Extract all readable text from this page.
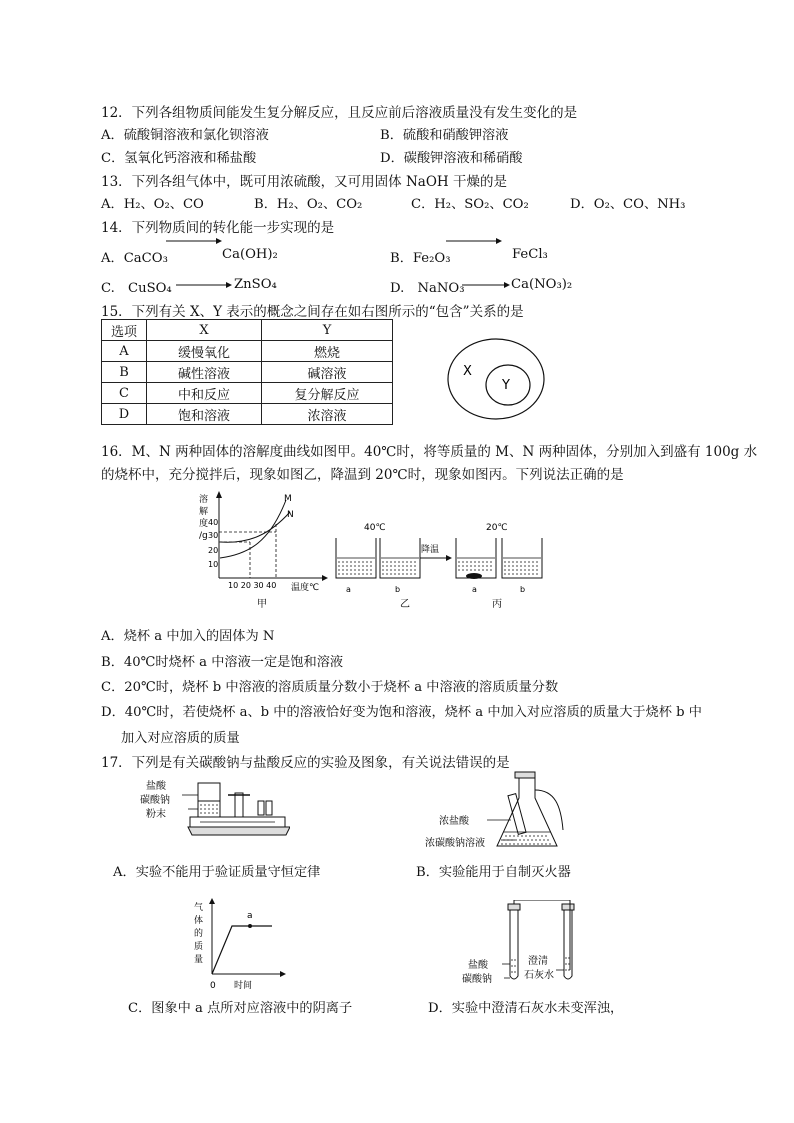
12．下列各组物质间能发生复分解反应，且反应前后溶液质量没有发生变化的是
A．硫酸铜溶液和氯化钡溶液	B．硫酸和硝酸钾溶液
C．氢氧化钙溶液和稀盐酸	D．碳酸钾溶液和稀硝酸
13．下列各组气体中，既可用浓硫酸，又可用固体 NaOH 干燥的是
A．H₂、O₂、CO	B．H₂、O₂、CO₂	C．H₂、SO₂、CO₂	D．O₂、CO、NH₃
14．下列物质间的转化能一步实现的是
A．CaCO₃	Ca(OH)₂	B．Fe₂O₃	FeCl₃
C.　CuSO₄	ZnSO₄	D.　NaNO₃	Ca(NO₃)₂
15．下列有关 X、Y 表示的概念之间存在如右图所示的“包含”关系的是
选项	X	Y
A	缓慢氧化	燃烧
B	碱性溶液	碱溶液
C	中和反应	复分解反应
D	饱和溶液	浓溶液
X
Y
16．M、N 两种固体的溶解度曲线如图甲。40℃时，将等质量的 M、N 两种固体，分别加入到盛有 100g 水
的烧杯中，充分搅拌后，现象如图乙，降温到 20℃时，现象如图丙。下列说法正确的是
溶
解
度
/g
40
30
20
10
M
N
10 20 30 40 温度℃
甲
40℃
a	b
乙
降温
20℃
a	b
丙
A．烧杯 a 中加入的固体为 N
B．40℃时烧杯 a 中溶液一定是饱和溶液
C．20℃时，烧杯 b 中溶液的溶质质量分数小于烧杯 a 中溶液的溶质质量分数
D．40℃时，若使烧杯 a、b 中的溶液恰好变为饱和溶液，烧杯 a 中加入对应溶质的质量大于烧杯 b 中
加入对应溶质的质量
17．下列是有关碳酸钠与盐酸反应的实验及图象，有关说法错误的是
盐酸
碳酸钠
粉末
浓盐酸
浓碳酸钠溶液
A．实验不能用于验证质量守恒定律	B．实验能用于自制灭火器
气
体
的
质
量
a
0 时间
盐酸
碳酸钠
澄清
石灰水
C．图象中 a 点所对应溶液中的阴离子	D．实验中澄清石灰水未变浑浊，
